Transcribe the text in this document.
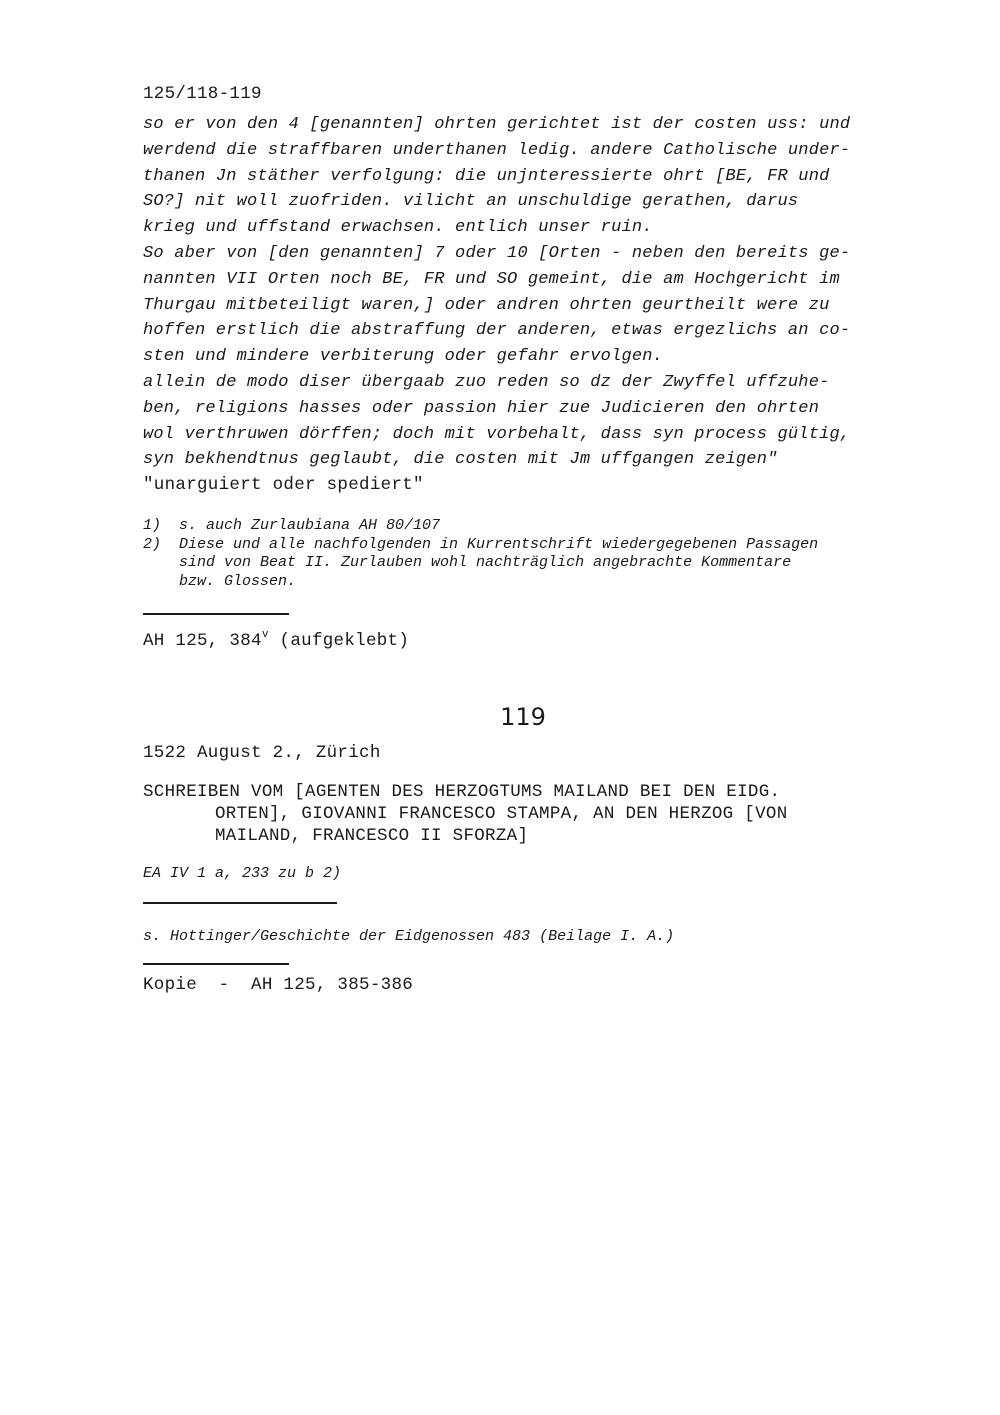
125/118-119

so er von den 4 [genannten] ohrten gerichtet ist der costen uss: und

werdend die straffbaren underthanen ledig. andere Catholische under-

thanen Jn stäther verfolgung: die unjnteressierte ohrt [BE, FR und

SO?] nit woll zuofriden. vilicht an unschuldige gerathen, darus

krieg und uffstand erwachsen. entlich unser ruin.

So aber von [den genannten] 7 oder 10 [Orten - neben den bereits ge-

nannten VII Orten noch BE, FR und SO gemeint, die am Hochgericht im

Thurgau mitbeteiligt waren,] oder andren ohrten geurtheilt were zu

hoffen erstlich die abstraffung der anderen, etwas ergezlichs an co-

sten und mindere verbiterung oder gefahr ervolgen.

allein de modo diser übergaab zuo reden so dz der Zwyffel uffzuhe-

ben, religions hasses oder passion hier zue Judicieren den ohrten

wol verthruwen dörffen; doch mit vorbehalt, dass syn process gültig,

syn bekhendtnus geglaubt, die costen mit Jm uffgangen zeigen"

"unarguiert oder spediert"
1)	s. auch Zurlaubiana AH 80/107
2)	Diese und alle nachfolgenden in Kurrentschrift wiedergegebenen Passagen
sind von Beat II. Zurlauben wohl nachträglich angebrachte Kommentare
bzw. Glossen.
AH 125, 384$^v$ (aufgeklebt)
119
1522 August 2., Zürich
SCHREIBEN VOM [AGENTEN DES HERZOGTUMS MAILAND BEI DEN EIDG.
ORTEN], GIOVANNI FRANCESCO STAMPA, AN DEN HERZOG [VON
MAILAND, FRANCESCO II SFORZA]
EA IV 1 a, 233 zu b 2)
s. Hottinger/Geschichte der Eidgenossen 483 (Beilage I. A.)
Kopie  -  AH 125, 385-386
